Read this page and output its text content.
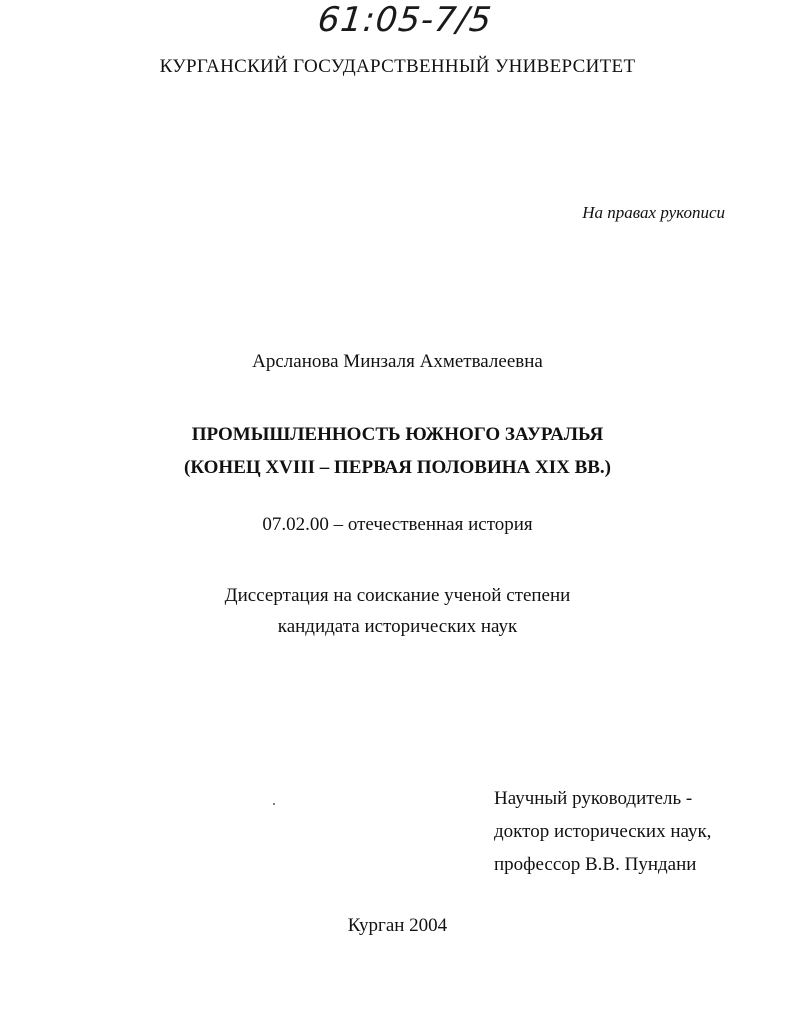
61:05-7/5
КУРГАНСКИЙ ГОСУДАРСТВЕННЫЙ УНИВЕРСИТЕТ
На правах рукописи
Арсланова Минзаля Ахметвалеевна
ПРОМЫШЛЕННОСТЬ ЮЖНОГО ЗАУРАЛЬЯ
(КОНЕЦ XVIII – ПЕРВАЯ ПОЛОВИНА XIX ВВ.)
07.02.00 – отечественная история
Диссертация на соискание ученой степени
кандидата исторических наук
Научный руководитель -
доктор исторических наук,
профессор В.В. Пундани
Курган 2004
